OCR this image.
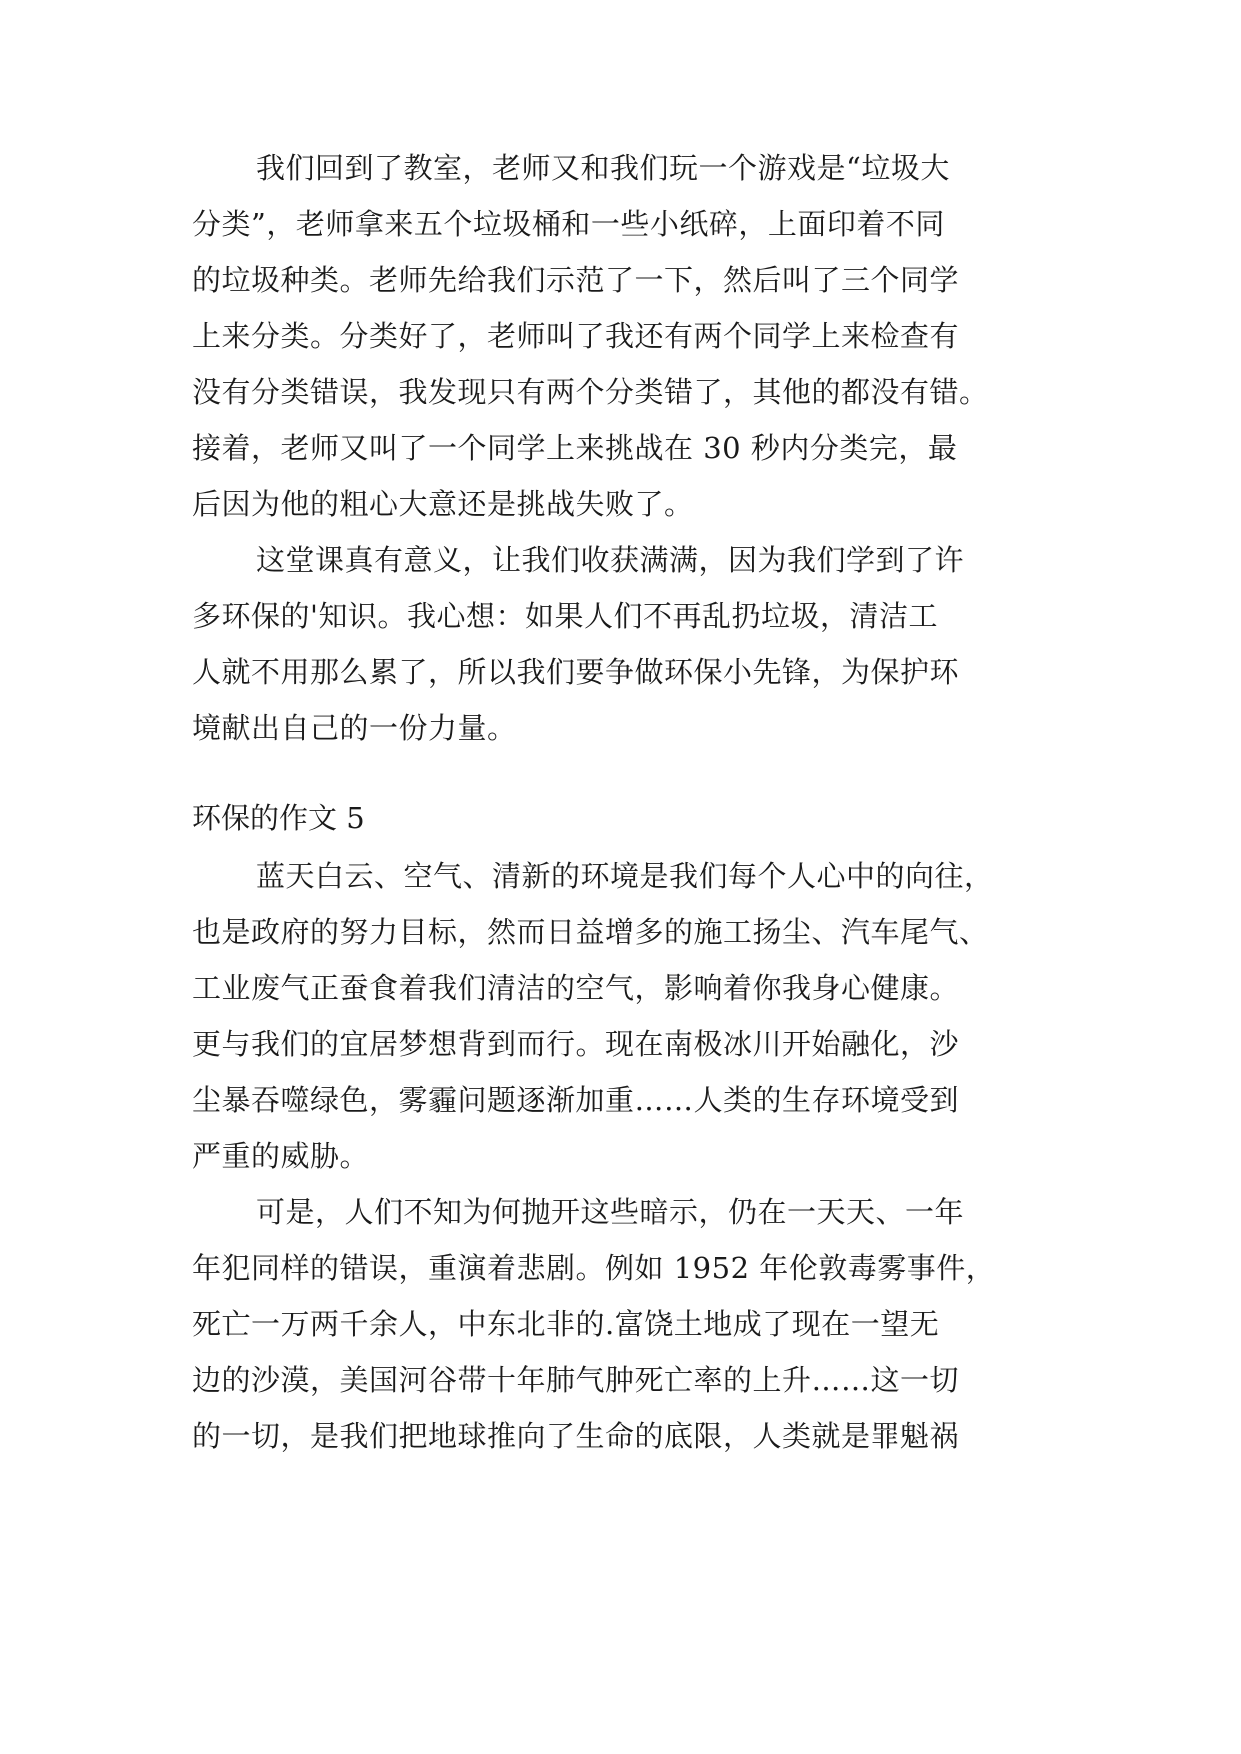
我们回到了教室，老师又和我们玩一个游戏是“垃圾大
分类”，老师拿来五个垃圾桶和一些小纸碎，上面印着不同
的垃圾种类。老师先给我们示范了一下，然后叫了三个同学
上来分类。分类好了，老师叫了我还有两个同学上来检查有
没有分类错误，我发现只有两个分类错了，其他的都没有错。
接着，老师又叫了一个同学上来挑战在 30 秒内分类完，最
后因为他的粗心大意还是挑战失败了。
这堂课真有意义，让我们收获满满，因为我们学到了许
多环保的'知识。我心想：如果人们不再乱扔垃圾，清洁工
人就不用那么累了，所以我们要争做环保小先锋，为保护环
境献出自己的一份力量。
环保的作文 5
蓝天白云、空气、清新的环境是我们每个人心中的向往，
也是政府的努力目标，然而日益增多的施工扬尘、汽车尾气、
工业废气正蚕食着我们清洁的空气，影响着你我身心健康。
更与我们的宜居梦想背到而行。现在南极冰川开始融化，沙
尘暴吞噬绿色，雾霾问题逐渐加重……人类的生存环境受到
严重的威胁。
可是，人们不知为何抛开这些暗示，仍在一天天、一年
年犯同样的错误，重演着悲剧。例如 1952 年伦敦毒雾事件，
死亡一万两千余人，中东北非的.富饶土地成了现在一望无
边的沙漠，美国河谷带十年肺气肿死亡率的上升……这一切
的一切，是我们把地球推向了生命的底限，人类就是罪魁祸
